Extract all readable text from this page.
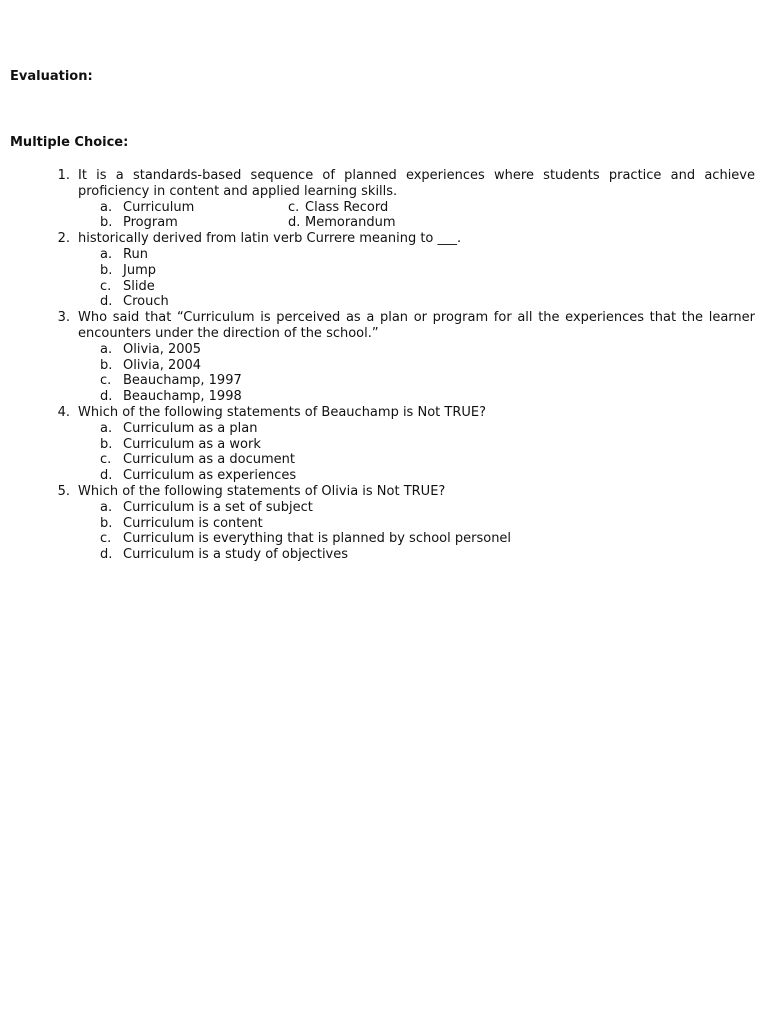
Evaluation:
Multiple Choice:
1. It is a standards-based sequence of planned experiences where students practice and achieve proficiency in content and applied learning skills.
a. Curriculum	c. Class Record
b. Program	d. Memorandum
2. historically derived from latin verb Currere meaning to ___.
a. Run
b. Jump
c. Slide
d. Crouch
3. Who said that “Curriculum is perceived as a plan or program for all the experiences that the learner encounters under the direction of the school.”
a. Olivia, 2005
b. Olivia, 2004
c. Beauchamp, 1997
d. Beauchamp, 1998
4. Which of the following statements of Beauchamp is Not TRUE?
a. Curriculum as a plan
b. Curriculum as a work
c. Curriculum as a document
d. Curriculum as experiences
5. Which of the following statements of Olivia is Not TRUE?
a. Curriculum is a set of subject
b. Curriculum is content
c. Curriculum is everything that is planned by school personel
d. Curriculum is a study of objectives
